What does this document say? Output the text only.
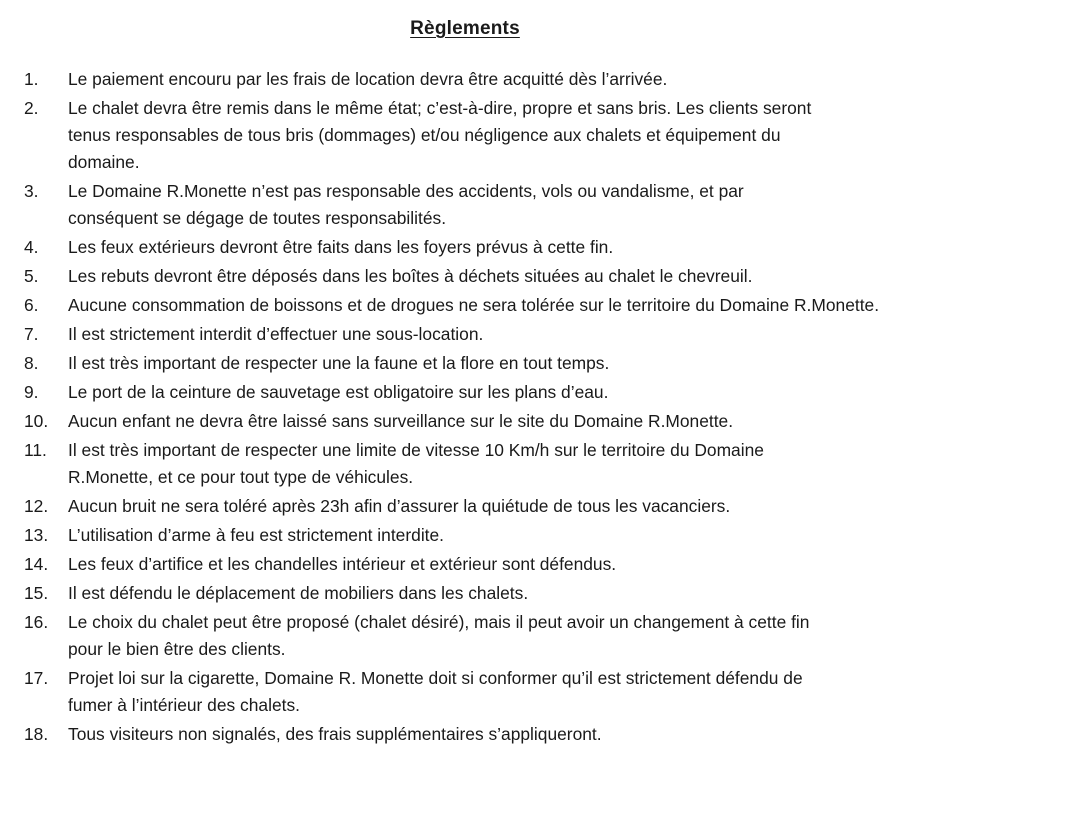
Règlements
1. Le paiement encouru par les frais de location devra être acquitté dès l’arrivée.
2. Le chalet devra être remis dans le même état; c’est-à-dire, propre et sans bris. Les clients seront
tenus responsables de tous bris (dommages) et/ou négligence aux chalets et équipement du
domaine.
3. Le Domaine R.Monette n’est pas responsable des accidents, vols ou vandalisme, et par
conséquent se dégage de toutes responsabilités.
4. Les feux extérieurs devront être faits dans les foyers prévus à cette fin.
5. Les rebuts devront être déposés dans les boîtes à déchets situées au chalet le chevreuil.
6. Aucune consommation de boissons et de drogues ne sera tolérée sur le territoire du Domaine R.Monette.
7. Il est strictement interdit d’effectuer une sous-location.
8. Il est très important de respecter une la faune et la flore en tout temps.
9. Le port de la ceinture de sauvetage est obligatoire sur les plans d’eau.
10. Aucun enfant ne devra être laissé sans surveillance sur le site du Domaine R.Monette.
11. Il est très important de respecter une limite de vitesse 10 Km/h sur le territoire du Domaine
R.Monette, et ce pour tout type de véhicules.
12. Aucun bruit ne sera toléré après 23h afin d’assurer la quiétude de tous les vacanciers.
13. L’utilisation d’arme à feu est strictement interdite.
14. Les feux d’artifice et les chandelles intérieur et extérieur sont défendus.
15. Il est défendu le déplacement de mobiliers dans les chalets.
16. Le choix du chalet peut être proposé (chalet désiré), mais il peut avoir un changement à cette fin
pour le bien être des clients.
17. Projet loi sur la cigarette, Domaine R. Monette doit si conformer qu’il est strictement défendu de
fumer à l’intérieur des chalets.
18. Tous visiteurs non signalés, des frais supplémentaires s’appliqueront.
